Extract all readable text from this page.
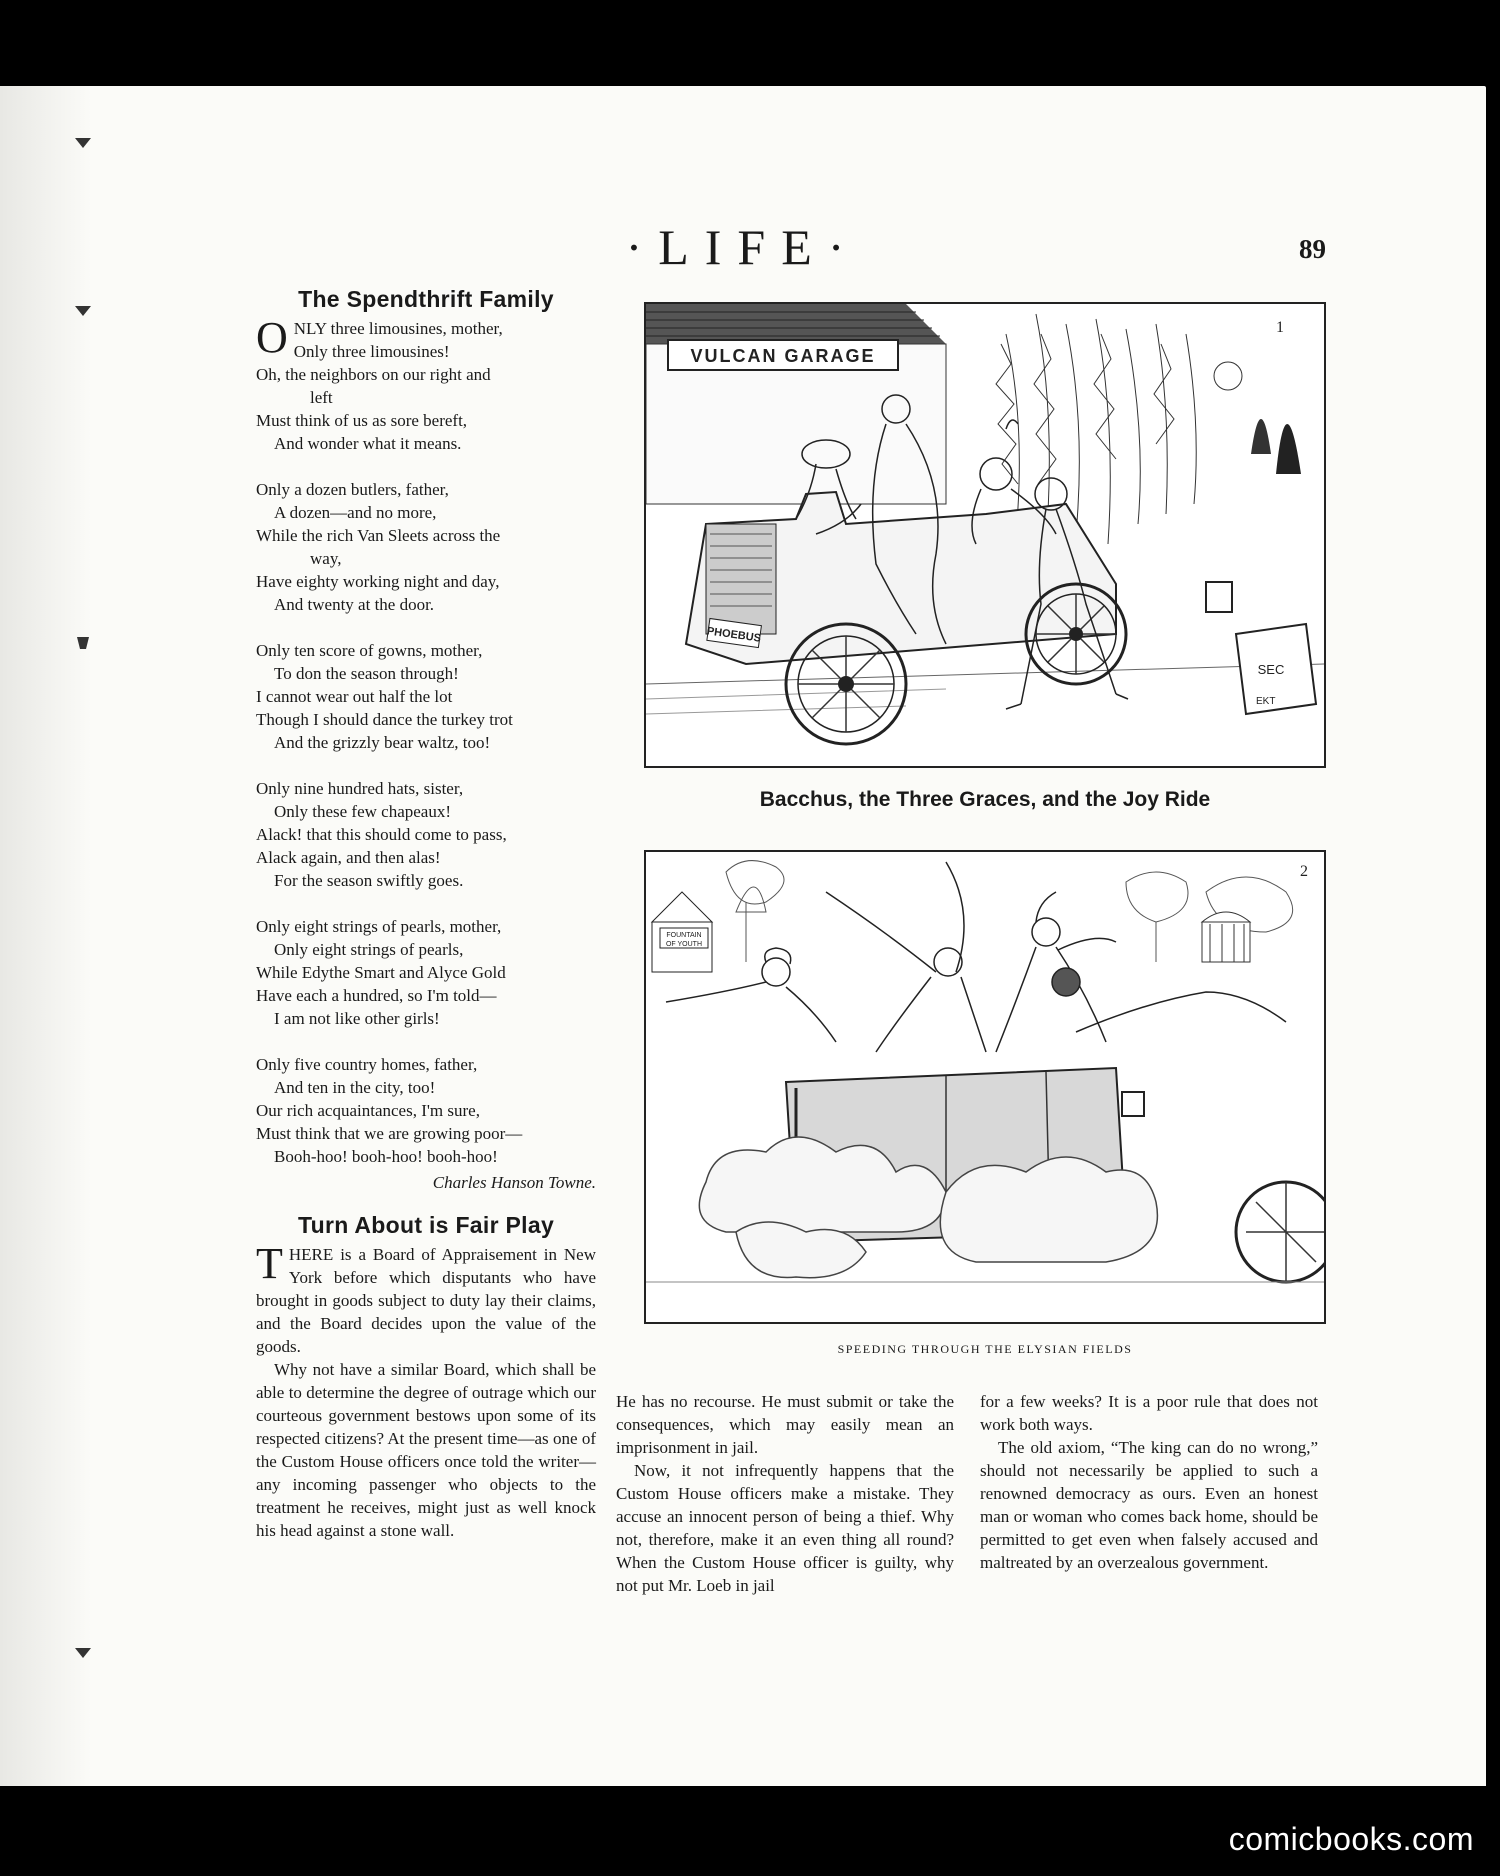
·LIFE·	89
The Spendthrift Family
O NLY three limousines, mother,
Only three limousines!
Oh, the neighbors on our right and
left
Must think of us as sore bereft,
And wonder what it means.
Only a dozen butlers, father,
A dozen—and no more,
While the rich Van Sleets across the
way,
Have eighty working night and day,
And twenty at the door.
Only ten score of gowns, mother,
To don the season through!
I cannot wear out half the lot
Though I should dance the turkey trot
And the grizzly bear waltz, too!
Only nine hundred hats, sister,
Only these few chapeaux!
Alack! that this should come to pass,
Alack again, and then alas!
For the season swiftly goes.
Only eight strings of pearls, mother,
Only eight strings of pearls,
While Edythe Smart and Alyce Gold
Have each a hundred, so I'm told—
I am not like other girls!
Only five country homes, father,
And ten in the city, too!
Our rich acquaintances, I'm sure,
Must think that we are growing poor—
Booh-hoo! booh-hoo! booh-hoo!
Charles Hanson Towne.
Turn About is Fair Play

THERE is a Board of Appraisement in New York before which disputants who have brought in goods subject to duty lay their claims, and the Board decides upon the value of the goods.

Why not have a similar Board, which shall be able to determine the degree of outrage which our courteous government bestows upon some of its respected citizens? At the present time—as one of the Custom House officers once told the writer—any incoming passenger who objects to the treatment he receives, might just as well knock his head against a stone wall.

VULCAN GARAGE
1
PHOEBUS
SEC
EKT
Bacchus, the Three Graces, and the Joy Ride
2
FOUNTAIN
OF YOUTH
SPEEDING THROUGH THE ELYSIAN FIELDS

He has no recourse. He must submit or take the consequences, which may easily mean an imprisonment in jail.

Now, it not infrequently happens that the Custom House officers make a mistake. They accuse an innocent person of being a thief. Why not, therefore, make it an even thing all round? When the Custom House officer is guilty, why not put Mr. Loeb in jail

for a few weeks? It is a poor rule that does not work both ways.

The old axiom, “The king can do no wrong,” should not necessarily be applied to such a renowned democracy as ours. Even an honest man or woman who comes back home, should be permitted to get even when falsely accused and maltreated by an overzealous government.

comicbooks.com
